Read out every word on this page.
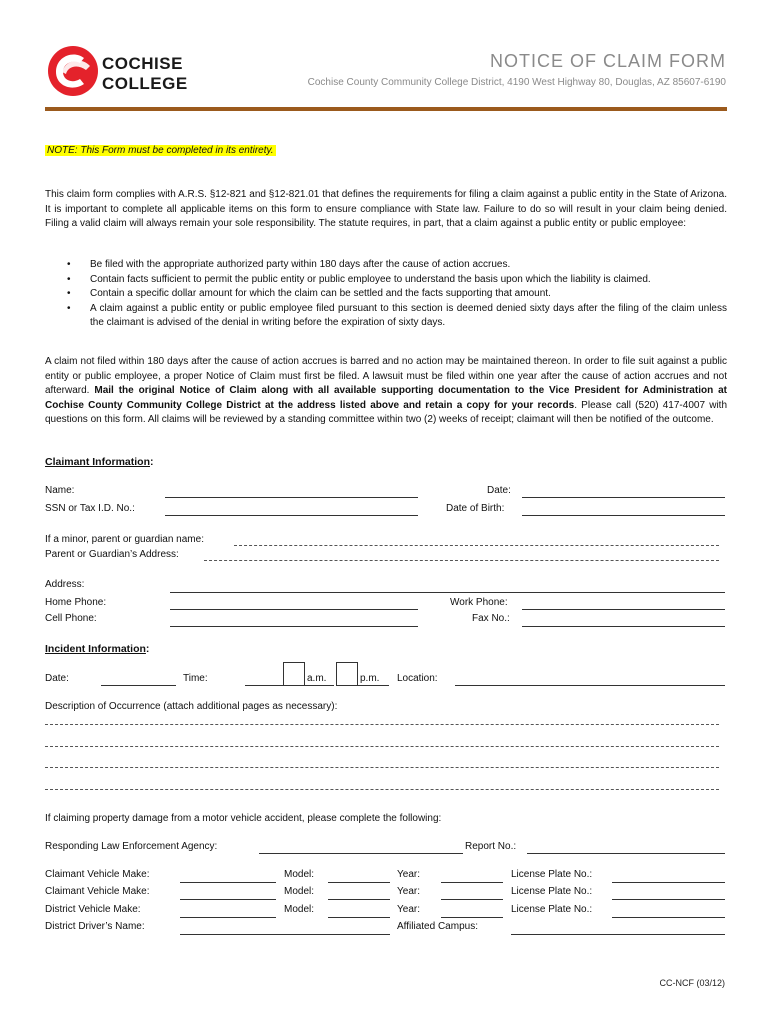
COCHISE
COLLEGE
NOTICE OF CLAIM FORM
Cochise County Community College District, 4190 West Highway 80, Douglas, AZ 85607-6190
NOTE: This Form must be completed in its entirety.
This claim form complies with A.R.S. §12-821 and §12-821.01 that defines the requirements for filing a claim against a public entity in the State of Arizona. It is important to complete all applicable items on this form to ensure compliance with State law. Failure to do so will result in your claim being denied. Filing a valid claim will always remain your sole responsibility. The statute requires, in part, that a claim against a public entity or public employee:
• Be filed with the appropriate authorized party within 180 days after the cause of action accrues.
• Contain facts sufficient to permit the public entity or public employee to understand the basis upon which the liability is claimed.
• Contain a specific dollar amount for which the claim can be settled and the facts supporting that amount.
• A claim against a public entity or public employee filed pursuant to this section is deemed denied sixty days after the filing of the claim unless the claimant is advised of the denial in writing before the expiration of sixty days.
A claim not filed within 180 days after the cause of action accrues is barred and no action may be maintained thereon. In order to file suit against a public entity or public employee, a proper Notice of Claim must first be filed. A lawsuit must be filed within one year after the cause of action accrues and not afterward. Mail the original Notice of Claim along with all available supporting documentation to the Vice President for Administration at Cochise County Community College District at the address listed above and retain a copy for your records. Please call (520) 417-4007 with questions on this form. All claims will be reviewed by a standing committee within two (2) weeks of receipt; claimant will then be notified of the outcome.
Claimant Information:
Name:	Date:
SSN or Tax I.D. No.:	Date of Birth:
If a minor, parent or guardian name:
Parent or Guardian’s Address:
Address:
Home Phone:	Work Phone:
Cell Phone:	Fax No.:
Incident Information:
Date:	Time:	a.m.	p.m. Location:
Description of Occurrence (attach additional pages as necessary):
If claiming property damage from a motor vehicle accident, please complete the following:
Responding Law Enforcement Agency:	Report No.:
Claimant Vehicle Make:	Model:	Year:	License Plate No.:
Claimant Vehicle Make:	Model:	Year:	License Plate No.:
District Vehicle Make:	Model:	Year:	License Plate No.:
District Driver’s Name:	Affiliated Campus:
CC-NCF (03/12)
